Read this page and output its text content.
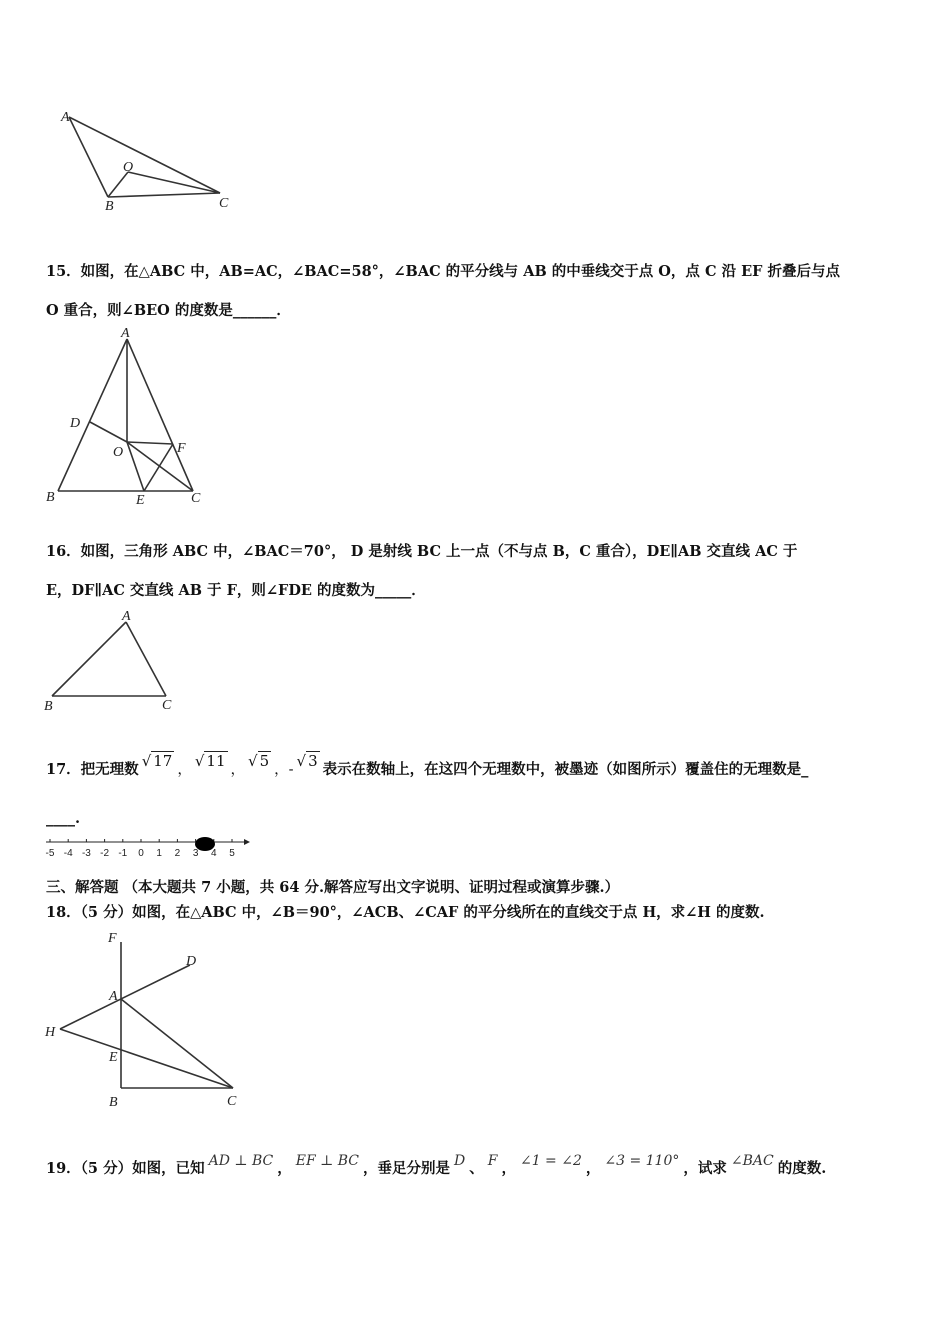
A
O
B	C
15．如图，在△ABC 中，AB=AC，∠BAC=58°，∠BAC 的平分线与 AB 的中垂线交于点 O，点 C 沿 EF 折叠后与点
O 重合，则∠BEO 的度数是______．
A
D
O	F
B	E	C
16．如图，三角形 ABC 中，∠BAC＝70°， D 是射线 BC 上一点（不与点 B，C 重合），DE∥AB 交直线 AC 于
E，DF∥AC 交直线 AB 于 F，则∠FDE 的度数为_____．
A
B	C
17．把无理数 √ 17 ， √ 11 ， √ 5 ，- √ 3 表示在数轴上，在这四个无理数中，被墨迹（如图所示）覆盖住的无理数是_
____.
-5 -4 -3 -2 -1 0 1 2 3 4 5
三、解答题 （本大题共 7 小题，共 64 分.解答应写出文字说明、证明过程或演算步骤.）
18．（5 分）如图，在△ABC 中，∠B＝90°，∠ACB、∠CAF 的平分线所在的直线交于点 H，求∠H 的度数.
F
D
A
H
E
B	C
19．（5 分）如图，已知 AD ⊥ BC ， EF ⊥ BC ，垂足分别是 D 、 F ， ∠1 = ∠2 ， ∠3 = 110° ，试求 ∠BAC 的度数.
